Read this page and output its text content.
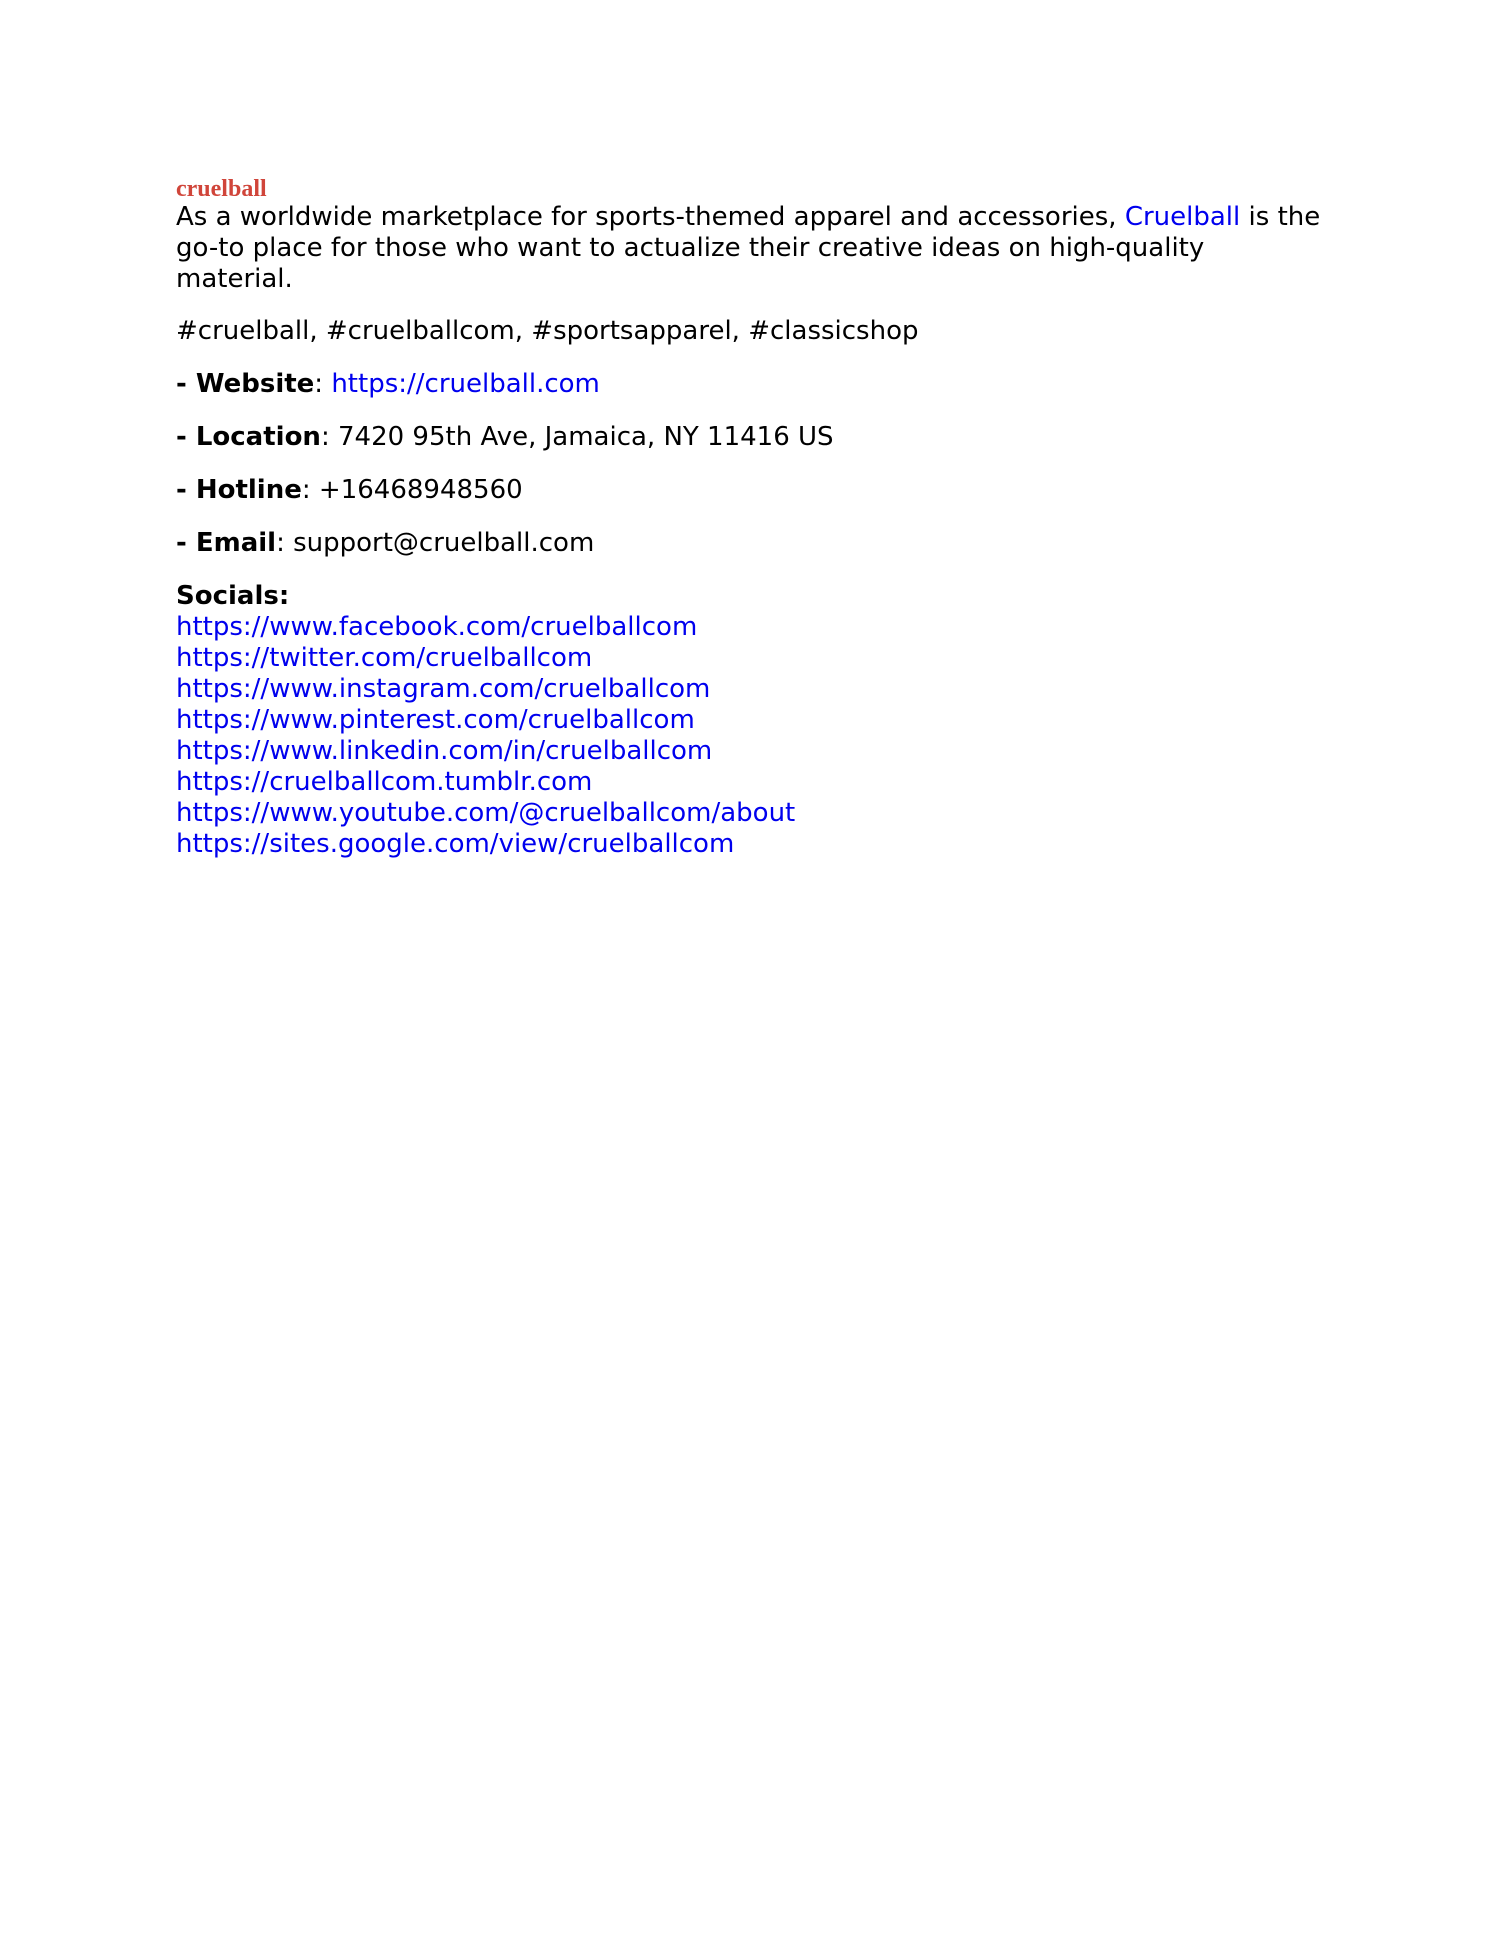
cruelball

As a worldwide marketplace for sports-themed apparel and accessories, Cruelball is the go-to place for those who want to actualize their creative ideas on high-quality material.

#cruelball, #cruelballcom, #sportsapparel, #classicshop

- Website: https://cruelball.com

- Location: 7420 95th Ave, Jamaica, NY 11416 US

- Hotline: +16468948560

- Email: support@cruelball.com

Socials:
https://www.facebook.com/cruelballcom
https://twitter.com/cruelballcom
https://www.instagram.com/cruelballcom
https://www.pinterest.com/cruelballcom
https://www.linkedin.com/in/cruelballcom
https://cruelballcom.tumblr.com
https://www.youtube.com/@cruelballcom/about
https://sites.google.com/view/cruelballcom
